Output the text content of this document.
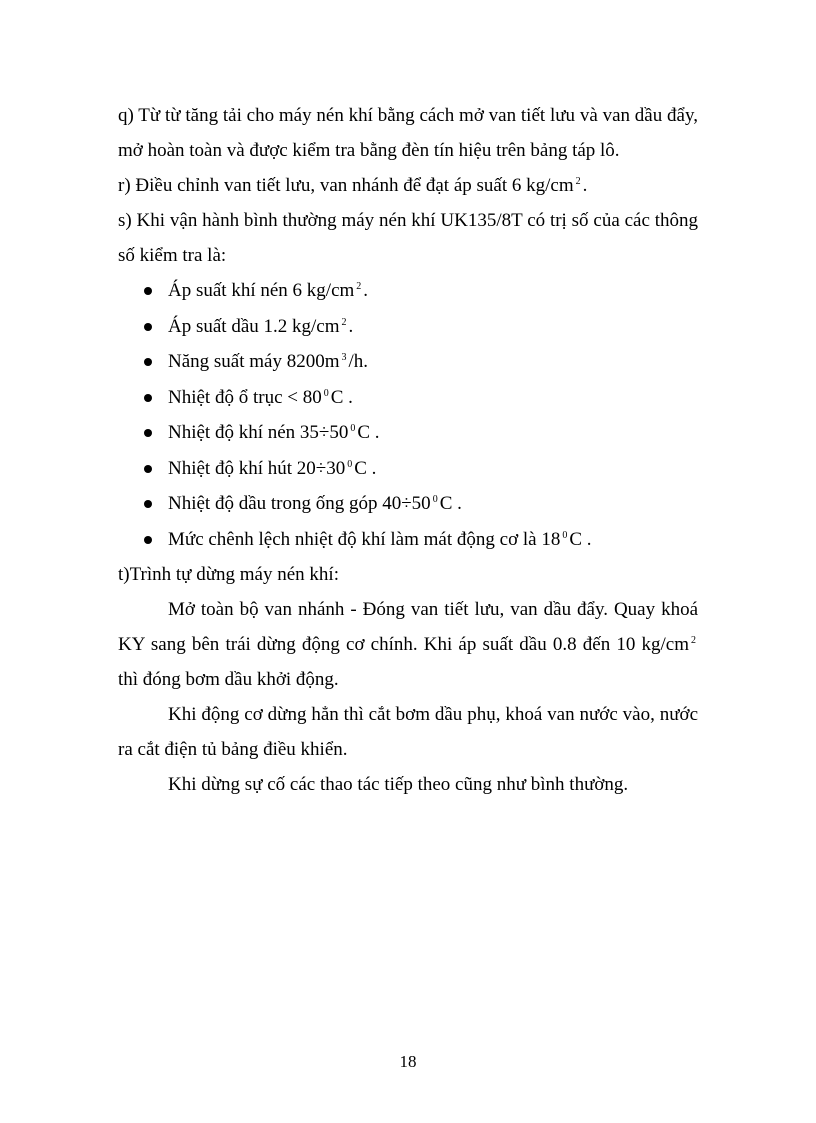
q) Từ từ tăng tải cho máy nén khí bằng cách mở van tiết lưu và van dầu đẩy, mở hoàn toàn và được kiểm tra bằng đèn tín hiệu trên bảng táp lô.

r) Điều chỉnh van tiết lưu, van nhánh để đạt áp suất 6 kg/cm $^2$ .

s) Khi vận hành bình thường máy nén khí UK135/8T có trị số của các thông số kiểm tra là:

Áp suất khí nén 6 kg/cm $^2$ .
Áp suất dầu 1.2 kg/cm $^2$ .
Năng suất máy 8200m $^3$ /h.
Nhiệt độ ổ trục < 80 $^0$ C .
Nhiệt độ khí nén 35÷50 $^0$ C .
Nhiệt độ khí hút 20÷30 $^0$ C .
Nhiệt độ dầu trong ống góp 40÷50 $^0$ C .
Mức chênh lệch nhiệt độ khí làm mát động cơ là 18 $^0$ C .

t)Trình tự dừng máy nén khí:

Mở toàn bộ van nhánh - Đóng van tiết lưu, van dầu đẩy. Quay khoá KY sang bên trái dừng động cơ chính. Khi áp suất dầu 0.8 đến 10 kg/cm $^2$ thì đóng bơm dầu khởi động.

Khi động cơ dừng hẳn thì cắt bơm dầu phụ, khoá van nước vào, nước ra cắt điện tủ bảng điều khiển.

Khi dừng sự cố các thao tác tiếp theo cũng như bình thường.

18
